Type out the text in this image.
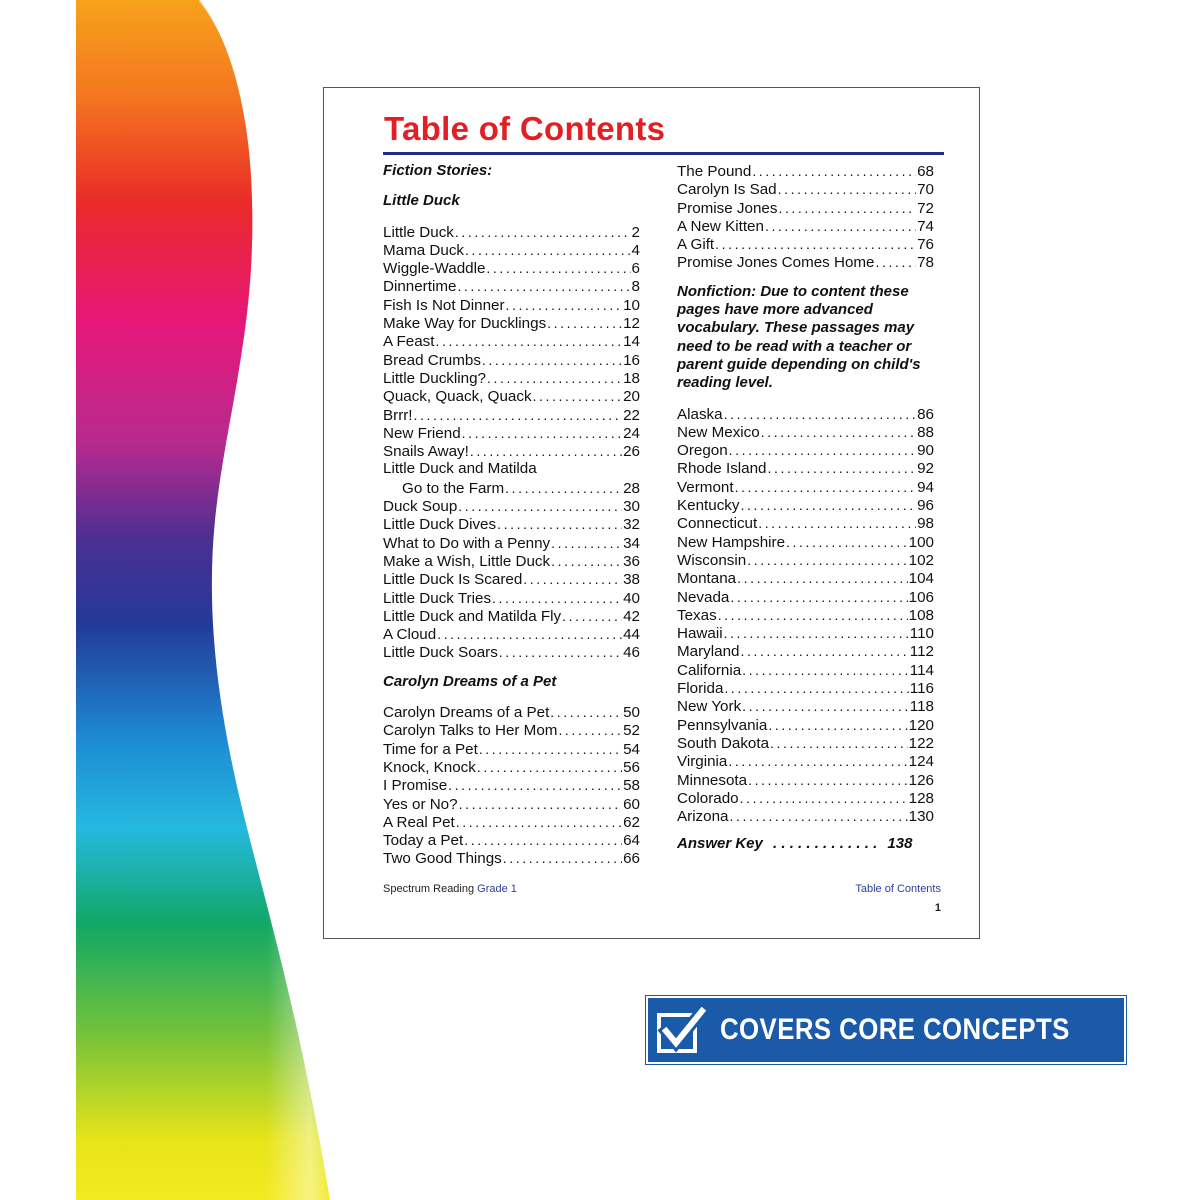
Table of Contents
Fiction Stories:
Little Duck
Little Duck .....	2
Mama Duck .....	4
Wiggle-Waddle .....	6
Dinnertime .....	8
Fish Is Not Dinner .....	10
Make Way for Ducklings .....	12
A Feast .....	14
Bread Crumbs .....	16
Little Duckling? .....	18
Quack, Quack, Quack .....	20
Brrr! .....	22
New Friend .....	24
Snails Away! .....	26
Little Duck and Matilda
Go to the Farm .....	28
Duck Soup .....	30
Little Duck Dives .....	32
What to Do with a Penny .....	34
Make a Wish, Little Duck .....	36
Little Duck Is Scared .....	38
Little Duck Tries .....	40
Little Duck and Matilda Fly .....	42
A Cloud .....	44
Little Duck Soars .....	46
Carolyn Dreams of a Pet
Carolyn Dreams of a Pet .....	50
Carolyn Talks to Her Mom .....	52
Time for a Pet .....	54
Knock, Knock .....	56
I Promise .....	58
Yes or No? .....	60
A Real Pet .....	62
Today a Pet .....	64
Two Good Things .....	66
The Pound .....	68
Carolyn Is Sad .....	70
Promise Jones .....	72
A New Kitten .....	74
A Gift .....	76
Promise Jones Comes Home .....	78
Nonfiction: Due to content these pages have more advanced vocabulary. These passages may need to be read with a teacher or parent guide depending on child's reading level.
Alaska .....	86
New Mexico .....	88
Oregon .....	90
Rhode Island .....	92
Vermont .....	94
Kentucky .....	96
Connecticut .....	98
New Hampshire .....	100
Wisconsin .....	102
Montana .....	104
Nevada .....	106
Texas .....	108
Hawaii .....	110
Maryland .....	112
California .....	114
Florida .....	116
New York .....	118
Pennsylvania .....	120
South Dakota .....	122
Virginia .....	124
Minnesota .....	126
Colorado .....	128
Arizona .....	130
Answer Key . . . . . . . . . . . . . 138
Spectrum Reading Grade 1	Table of Contents
1
COVERS CORE CONCEPTS
